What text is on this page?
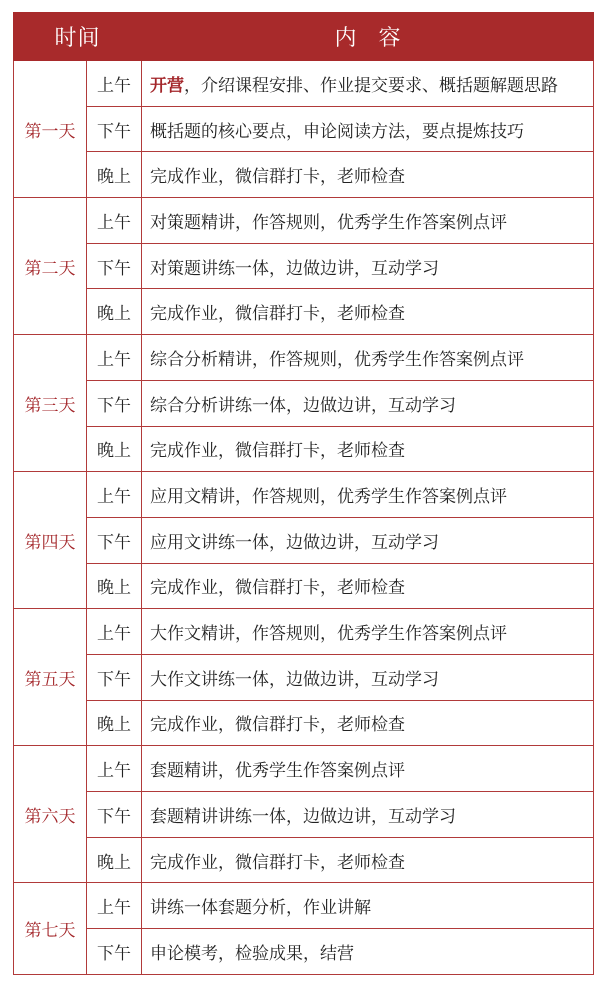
时间		内　容
第一天	上午	开营，介绍课程安排、作业提交要求、概括题解题思路
	下午	概括题的核心要点，申论阅读方法，要点提炼技巧
	晚上	完成作业，微信群打卡，老师检查
第二天	上午	对策题精讲，作答规则，优秀学生作答案例点评
	下午	对策题讲练一体，边做边讲，互动学习
	晚上	完成作业，微信群打卡，老师检查
第三天	上午	综合分析精讲，作答规则，优秀学生作答案例点评
	下午	综合分析讲练一体，边做边讲，互动学习
	晚上	完成作业，微信群打卡，老师检查
第四天	上午	应用文精讲，作答规则，优秀学生作答案例点评
	下午	应用文讲练一体，边做边讲，互动学习
	晚上	完成作业，微信群打卡，老师检查
第五天	上午	大作文精讲，作答规则，优秀学生作答案例点评
	下午	大作文讲练一体，边做边讲，互动学习
	晚上	完成作业，微信群打卡，老师检查
第六天	上午	套题精讲，优秀学生作答案例点评
	下午	套题精讲讲练一体，边做边讲，互动学习
	晚上	完成作业，微信群打卡，老师检查
第七天	上午	讲练一体套题分析，作业讲解
	下午	申论模考，检验成果，结营
